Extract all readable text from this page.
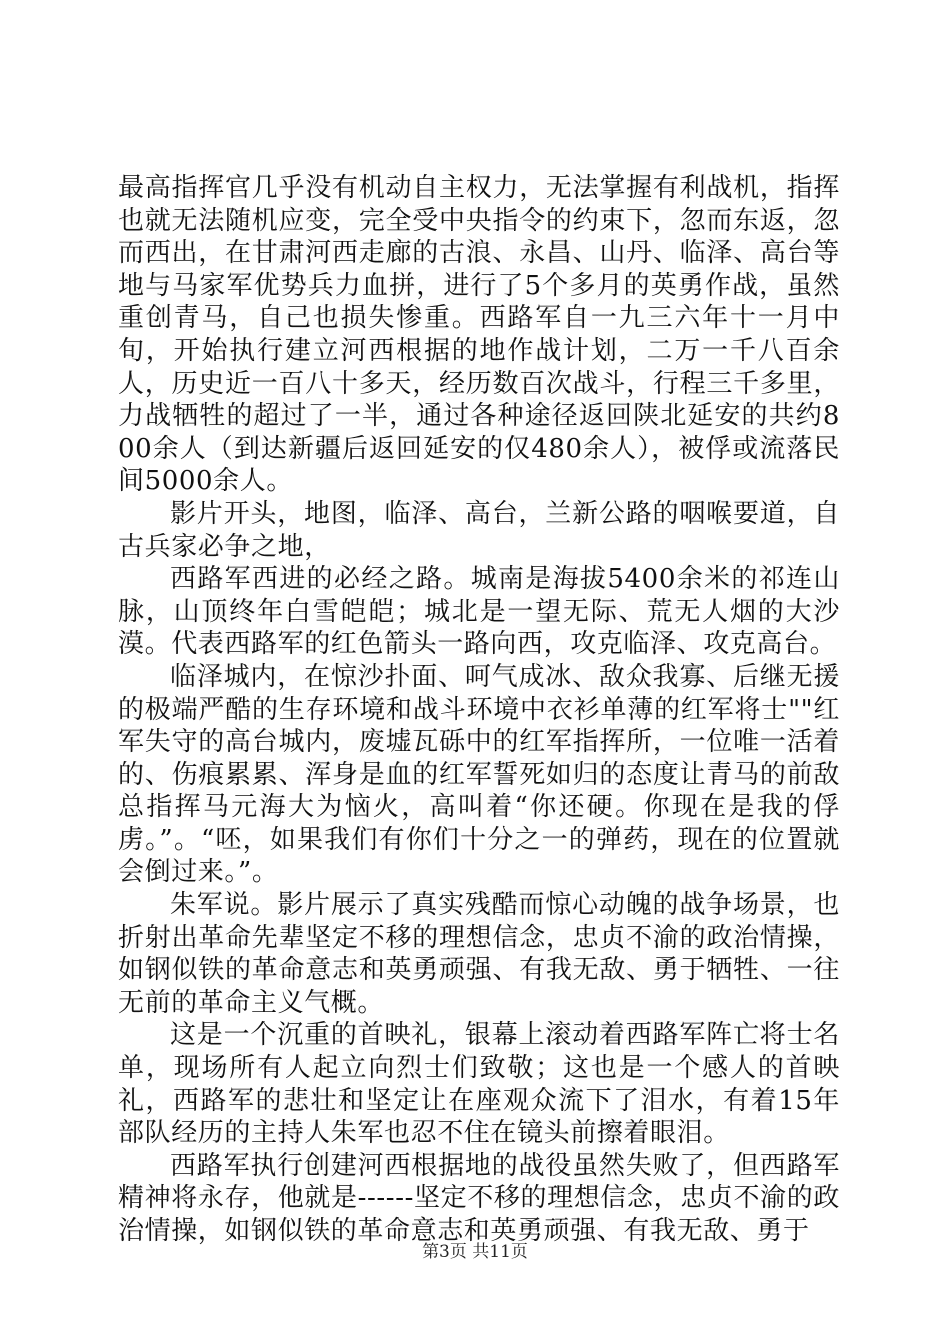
最高指挥官几乎没有机动自主权力，无法掌握有利战机，指挥也就无法随机应变，完全受中央指令的约束下，忽而东返，忽而西出，在甘肃河西走廊的古浪、永昌、山丹、临泽、高台等地与马家军优势兵力血拼，进行了5个多月的英勇作战，虽然重创青马，自己也损失惨重。西路军自一九三六年十一月中旬，开始执行建立河西根据的地作战计划，二万一千八百余人，历史近一百八十多天，经历数百次战斗，行程三千多里，力战牺牲的超过了一半，通过各种途径返回陕北延安的共约800余人（到达新疆后返回延安的仅480余人），被俘或流落民间5000余人。

影片开头，地图，临泽、高台，兰新公路的咽喉要道，自古兵家必争之地，

西路军西进的必经之路。城南是海拔5400余米的祁连山脉，山顶终年白雪皑皑；城北是一望无际、荒无人烟的大沙漠。代表西路军的红色箭头一路向西，攻克临泽、攻克高台。

临泽城内，在惊沙扑面、呵气成冰、敌众我寡、后继无援的极端严酷的生存环境和战斗环境中衣衫单薄的红军将士""红军失守的高台城内，废墟瓦砾中的红军指挥所，一位唯一活着的、伤痕累累、浑身是血的红军誓死如归的态度让青马的前敌总指挥马元海大为恼火，高叫着“你还硬。你现在是我的俘虏。”。“呸，如果我们有你们十分之一的弹药，现在的位置就会倒过来。”。

朱军说。影片展示了真实残酷而惊心动魄的战争场景，也折射出革命先辈坚定不移的理想信念，忠贞不渝的政治情操，如钢似铁的革命意志和英勇顽强、有我无敌、勇于牺牲、一往无前的革命主义气概。

这是一个沉重的首映礼，银幕上滚动着西路军阵亡将士名单，现场所有人起立向烈士们致敬；这也是一个感人的首映礼，西路军的悲壮和坚定让在座观众流下了泪水，有着15年部队经历的主持人朱军也忍不住在镜头前擦着眼泪。

西路军执行创建河西根据地的战役虽然失败了，但西路军精神将永存，他就是------坚定不移的理想信念，忠贞不渝的政治情操，如钢似铁的革命意志和英勇顽强、有我无敌、勇于

第3页 共11页
